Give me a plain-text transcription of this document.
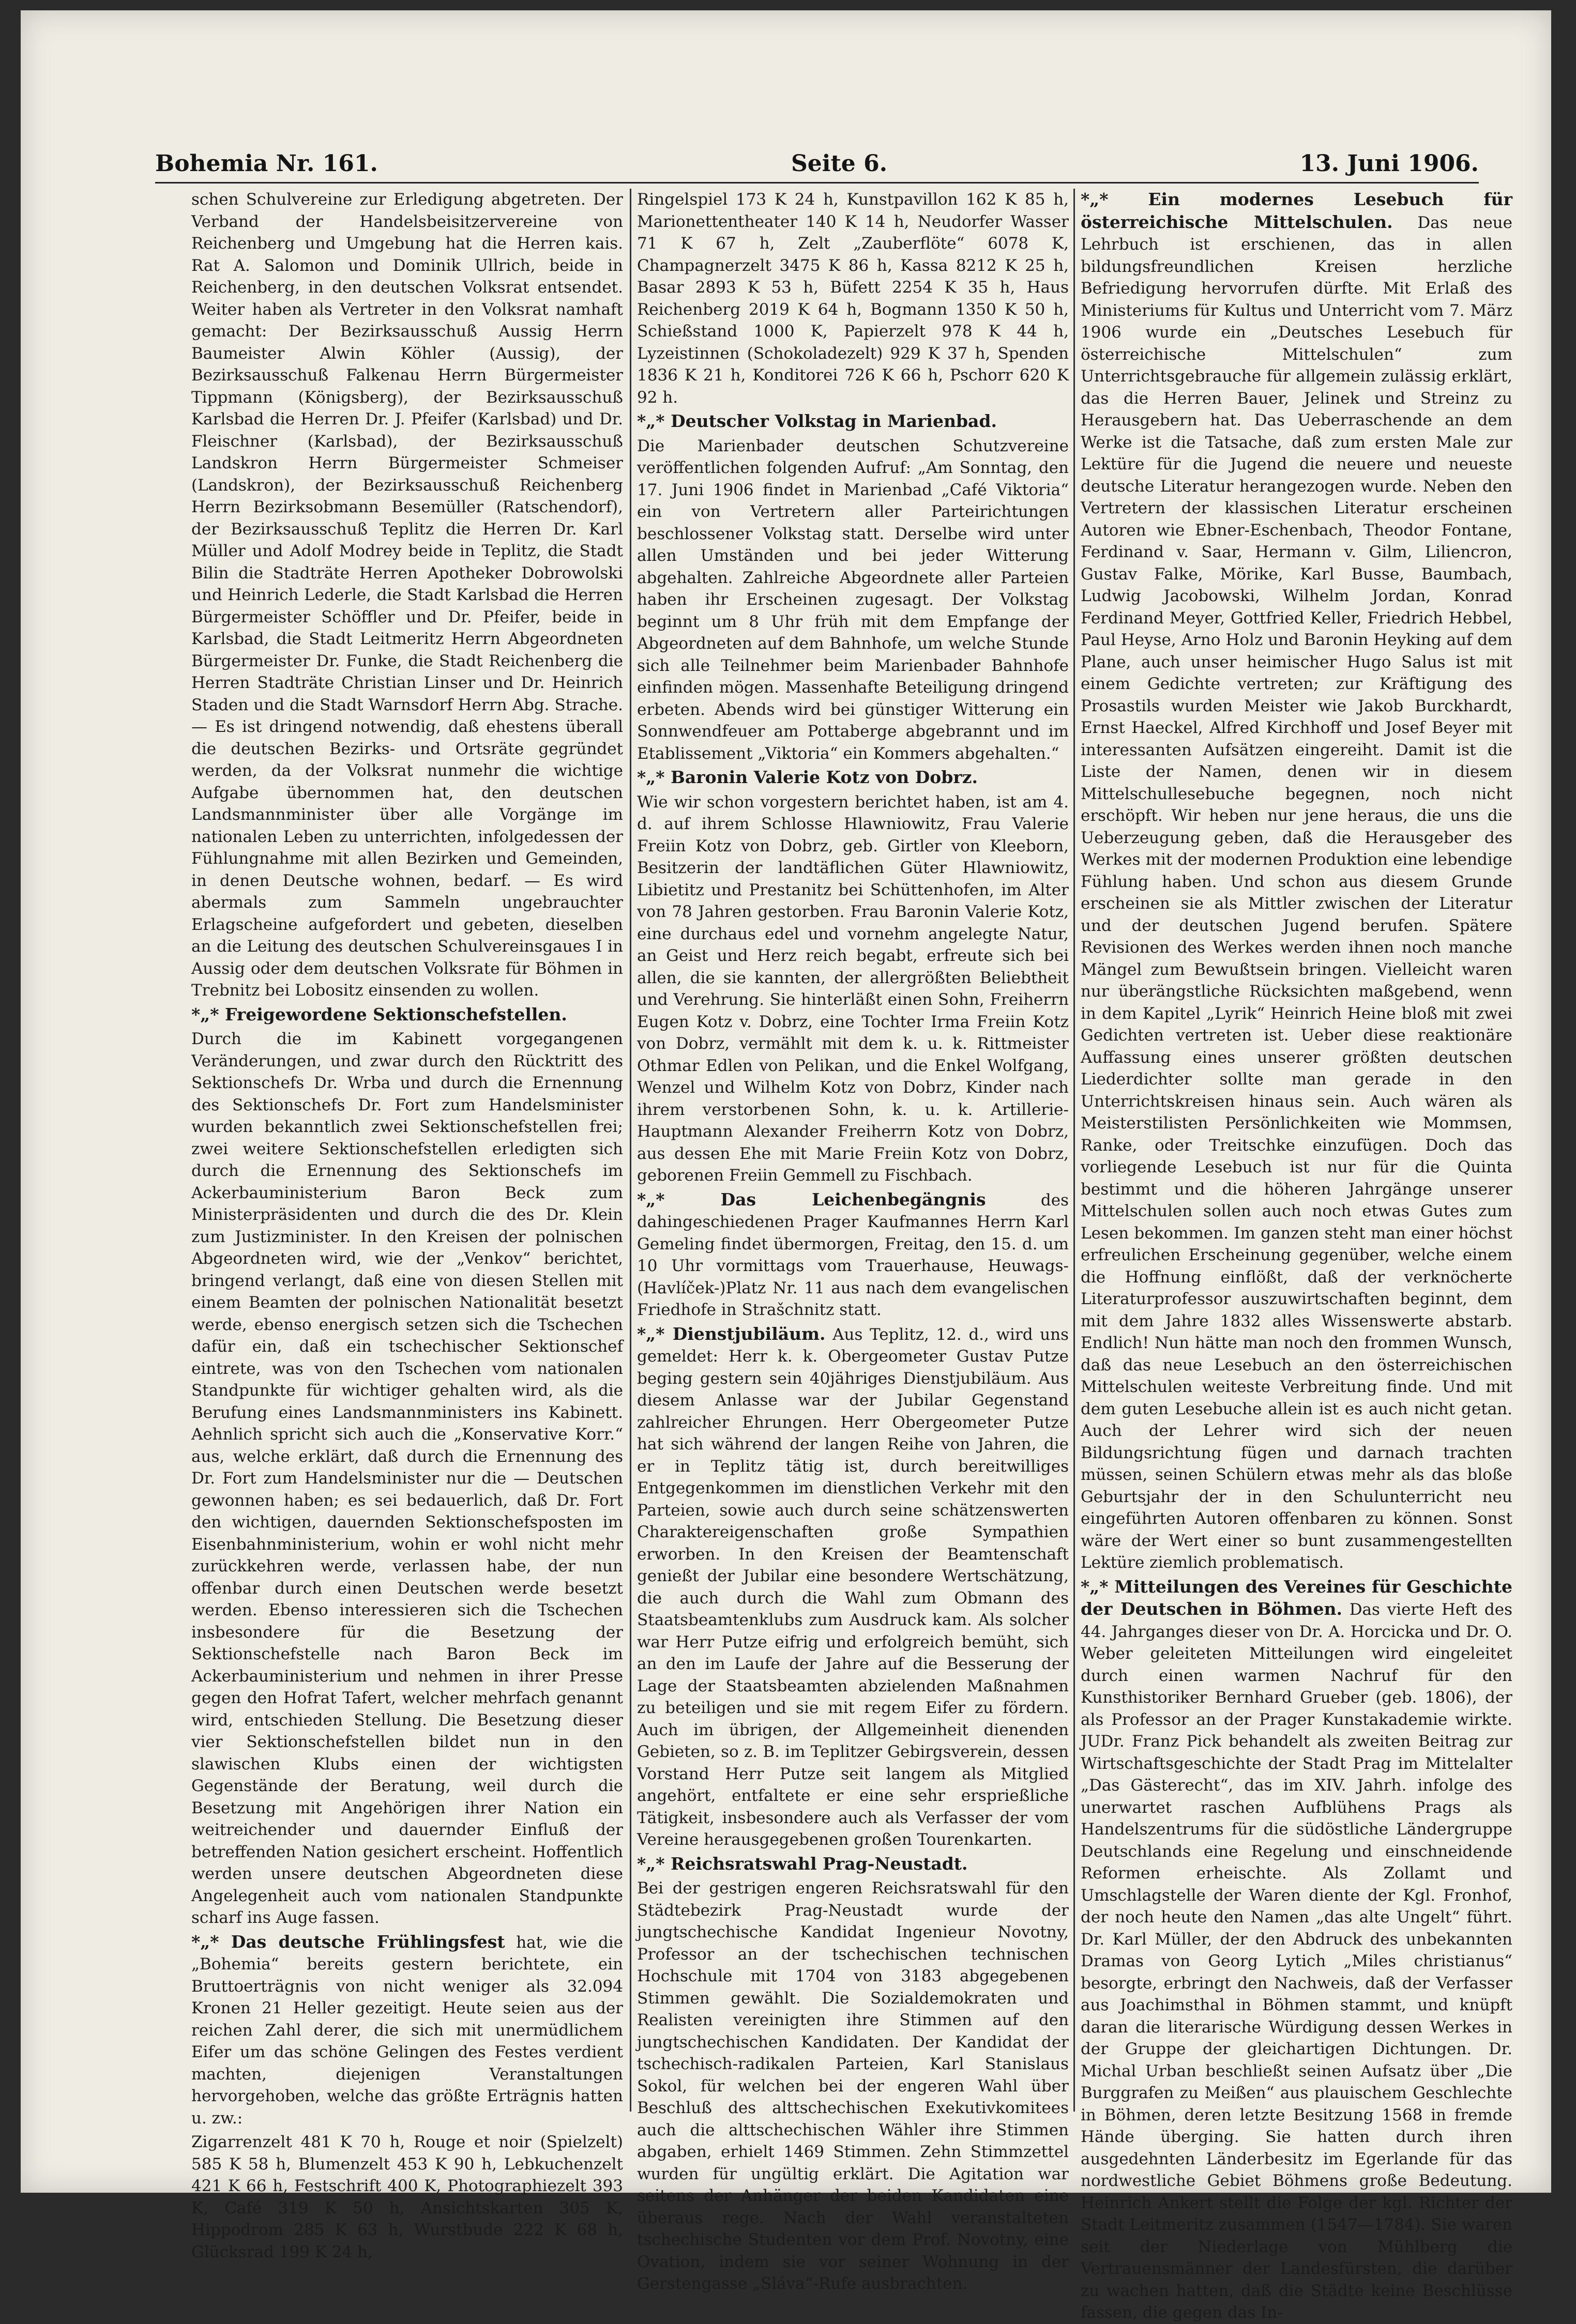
Bohemia Nr. 161.	Seite 6.	13. Juni 1906.

schen Schulvereine zur Erledigung abgetreten. Der Verband der Handelsbeisitzervereine von Reichenberg und Umgebung hat die Herren kais. Rat A. Salomon und Dominik Ullrich, beide in Reichenberg, in den deutschen Volksrat entsendet. Weiter haben als Vertreter in den Volksrat namhaft gemacht: Der Bezirksausschuß Aussig Herrn Baumeister Alwin Köhler (Aussig), der Bezirksausschuß Falkenau Herrn Bürgermeister Tippmann (Königsberg), der Bezirksausschuß Karlsbad die Herren Dr. J. Pfeifer (Karlsbad) und Dr. Fleischner (Karlsbad), der Bezirksausschuß Landskron Herrn Bürgermeister Schmeiser (Landskron), der Bezirksausschuß Reichenberg Herrn Bezirksobmann Besemüller (Ratschendorf), der Bezirksausschuß Teplitz die Herren Dr. Karl Müller und Adolf Modrey beide in Teplitz, die Stadt Bilin die Stadträte Herren Apotheker Dobrowolski und Heinrich Lederle, die Stadt Karlsbad die Herren Bürgermeister Schöffler und Dr. Pfeifer, beide in Karlsbad, die Stadt Leitmeritz Herrn Abgeordneten Bürgermeister Dr. Funke, die Stadt Reichenberg die Herren Stadträte Christian Linser und Dr. Heinrich Staden und die Stadt Warnsdorf Herrn Abg. Strache. — Es ist dringend notwendig, daß ehestens überall die deutschen Bezirks- und Ortsräte gegründet werden, da der Volksrat nunmehr die wichtige Aufgabe übernommen hat, den deutschen Landsmannminister über alle Vorgänge im nationalen Leben zu unterrichten, infolgedessen der Fühlungnahme mit allen Bezirken und Gemeinden, in denen Deutsche wohnen, bedarf. — Es wird abermals zum Sammeln ungebrauchter Erlagscheine aufgefordert und gebeten, dieselben an die Leitung des deutschen Schulvereinsgaues I in Aussig oder dem deutschen Volksrate für Böhmen in Trebnitz bei Lobositz einsenden zu wollen.

*„* Freigewordene Sektionschefstellen.

Durch die im Kabinett vorgegangenen Veränderungen, und zwar durch den Rücktritt des Sektionschefs Dr. Wrba und durch die Ernennung des Sektionschefs Dr. Fort zum Handelsminister wurden bekanntlich zwei Sektionschefstellen frei; zwei weitere Sektionschefstellen erledigten sich durch die Ernennung des Sektionschefs im Ackerbauministerium Baron Beck zum Ministerpräsidenten und durch die des Dr. Klein zum Justizminister. In den Kreisen der polnischen Abgeordneten wird, wie der „Venkov“ berichtet, bringend verlangt, daß eine von diesen Stellen mit einem Beamten der polnischen Nationalität besetzt werde, ebenso energisch setzen sich die Tschechen dafür ein, daß ein tschechischer Sektionschef eintrete, was von den Tschechen vom nationalen Standpunkte für wichtiger gehalten wird, als die Berufung eines Landsmannministers ins Kabinett. Aehnlich spricht sich auch die „Konservative Korr.“ aus, welche erklärt, daß durch die Ernennung des Dr. Fort zum Handelsminister nur die — Deutschen gewonnen haben; es sei bedauerlich, daß Dr. Fort den wichtigen, dauernden Sektionschefsposten im Eisenbahnministerium, wohin er wohl nicht mehr zurückkehren werde, verlassen habe, der nun offenbar durch einen Deutschen werde besetzt werden. Ebenso interessieren sich die Tschechen insbesondere für die Besetzung der Sektionschefstelle nach Baron Beck im Ackerbauministerium und nehmen in ihrer Presse gegen den Hofrat Tafert, welcher mehrfach genannt wird, entschieden Stellung. Die Besetzung dieser vier Sektionschefstellen bildet nun in den slawischen Klubs einen der wichtigsten Gegenstände der Beratung, weil durch die Besetzung mit Angehörigen ihrer Nation ein weitreichender und dauernder Einfluß der betreffenden Nation gesichert erscheint. Hoffentlich werden unsere deutschen Abgeordneten diese Angelegenheit auch vom nationalen Standpunkte scharf ins Auge fassen.

*„* Das deutsche Frühlingsfest hat, wie die „Bohemia“ bereits gestern berichtete, ein Bruttoerträgnis von nicht weniger als 32.094 Kronen 21 Heller gezeitigt. Heute seien aus der reichen Zahl derer, die sich mit unermüdlichem Eifer um das schöne Gelingen des Festes verdient machten, diejenigen Veranstaltungen hervorgehoben, welche das größte Erträgnis hatten u. zw.:

Zigarrenzelt 481 K 70 h, Rouge et noir (Spielzelt) 585 K 58 h, Blumenzelt 453 K 90 h, Lebkuchenzelt 421 K 66 h, Festschrift 400 K, Photographiezelt 393 K, Café 319 K 50 h, Ansichtskarten 305 K, Hippodrom 285 K 63 h, Wurstbude 222 K 68 h, Glücksrad 199 K 24 h,

Ringelspiel 173 K 24 h, Kunstpavillon 162 K 85 h, Marionettentheater 140 K 14 h, Neudorfer Wasser 71 K 67 h, Zelt „Zauberflöte“ 6078 K, Champagnerzelt 3475 K 86 h, Kassa 8212 K 25 h, Basar 2893 K 53 h, Büfett 2254 K 35 h, Haus Reichenberg 2019 K 64 h, Bogmann 1350 K 50 h, Schießstand 1000 K, Papierzelt 978 K 44 h, Lyzeistinnen (Schokoladezelt) 929 K 37 h, Spenden 1836 K 21 h, Konditorei 726 K 66 h, Pschorr 620 K 92 h.

*„* Deutscher Volkstag in Marienbad.

Die Marienbader deutschen Schutzvereine veröffentlichen folgenden Aufruf: „Am Sonntag, den 17. Juni 1906 findet in Marienbad „Café Viktoria“ ein von Vertretern aller Parteirichtungen beschlossener Volkstag statt. Derselbe wird unter allen Umständen und bei jeder Witterung abgehalten. Zahlreiche Abgeordnete aller Parteien haben ihr Erscheinen zugesagt. Der Volkstag beginnt um 8 Uhr früh mit dem Empfange der Abgeordneten auf dem Bahnhofe, um welche Stunde sich alle Teilnehmer beim Marienbader Bahnhofe einfinden mögen. Massenhafte Beteiligung dringend erbeten. Abends wird bei günstiger Witterung ein Sonnwendfeuer am Pottaberge abgebrannt und im Etablissement „Viktoria“ ein Kommers abgehalten.“

*„* Baronin Valerie Kotz von Dobrz.

Wie wir schon vorgestern berichtet haben, ist am 4. d. auf ihrem Schlosse Hlawniowitz, Frau Valerie Freiin Kotz von Dobrz, geb. Girtler von Kleeborn, Besitzerin der landtäflichen Güter Hlawniowitz, Libietitz und Prestanitz bei Schüttenhofen, im Alter von 78 Jahren gestorben. Frau Baronin Valerie Kotz, eine durchaus edel und vornehm angelegte Natur, an Geist und Herz reich begabt, erfreute sich bei allen, die sie kannten, der allergrößten Beliebtheit und Verehrung. Sie hinterläßt einen Sohn, Freiherrn Eugen Kotz v. Dobrz, eine Tochter Irma Freiin Kotz von Dobrz, vermählt mit dem k. u. k. Rittmeister Othmar Edlen von Pelikan, und die Enkel Wolfgang, Wenzel und Wilhelm Kotz von Dobrz, Kinder nach ihrem verstorbenen Sohn, k. u. k. Artillerie-Hauptmann Alexander Freiherrn Kotz von Dobrz, aus dessen Ehe mit Marie Freiin Kotz von Dobrz, geborenen Freiin Gemmell zu Fischbach.

*„* Das Leichenbegängnis	des dahingeschiedenen Prager Kaufmannes Herrn Karl Gemeling findet übermorgen, Freitag, den 15. d. um 10 Uhr vormittags vom Trauerhause, Heuwags-(Havlíček-)Platz Nr. 11 aus nach dem evangelischen Friedhofe in Strašchnitz statt.

*„* Dienstjubiläum. Aus Teplitz, 12. d., wird uns gemeldet: Herr k. k. Obergeometer Gustav Putze beging gestern sein 40jähriges Dienstjubiläum. Aus diesem Anlasse war der Jubilar Gegenstand zahlreicher Ehrungen. Herr Obergeometer Putze hat sich während der langen Reihe von Jahren, die er in Teplitz tätig ist, durch bereitwilliges Entgegenkommen im dienstlichen Verkehr mit den Parteien, sowie auch durch seine schätzenswerten Charaktereigenschaften große Sympathien erworben. In den Kreisen der Beamtenschaft genießt der Jubilar eine besondere Wertschätzung, die auch durch die Wahl zum Obmann des Staatsbeamtenklubs zum Ausdruck kam. Als solcher war Herr Putze eifrig und erfolgreich bemüht, sich an den im Laufe der Jahre auf die Besserung der Lage der Staatsbeamten abzielenden Maßnahmen zu beteiligen und sie mit regem Eifer zu fördern. Auch im übrigen, der Allgemeinheit dienenden Gebieten, so z. B. im Teplitzer Gebirgsverein, dessen Vorstand Herr Putze seit langem als Mitglied angehört, entfaltete er eine sehr ersprießliche Tätigkeit, insbesondere auch als Verfasser der vom Vereine herausgegebenen großen Tourenkarten.

*„* Reichsratswahl Prag-Neustadt.

Bei der gestrigen engeren Reichsratswahl für den Städtebezirk Prag-Neustadt wurde der jungtschechische Kandidat Ingenieur Novotny, Professor an der tschechischen technischen Hochschule mit 1704 von 3183 abgegebenen Stimmen gewählt. Die Sozialdemokraten und Realisten vereinigten ihre Stimmen auf den jungtschechischen Kandidaten. Der Kandidat der tschechisch-radikalen Parteien, Karl Stanislaus Sokol, für welchen bei der engeren Wahl über Beschluß des alttschechischen Exekutivkomitees auch die alttschechischen Wähler ihre Stimmen abgaben, erhielt 1469 Stimmen. Zehn Stimmzettel wurden für ungültig erklärt. Die Agitation war seitens der Anhänger der beiden Kandidaten eine überaus rege. Nach der Wahl veranstalteten tschechische Studenten vor dem Prof. Novotny, eine Ovation, indem sie vor seiner Wohnung in der Gerstengasse „Sláva“-Rufe ausbrachten.

*„* Ein modernes Lesebuch für österreichische Mittelschulen. Das neue Lehrbuch ist erschienen, das in allen bildungsfreundlichen Kreisen herzliche Befriedigung hervorrufen dürfte. Mit Erlaß des Ministeriums für Kultus und Unterricht vom 7. März 1906 wurde ein „Deutsches Lesebuch für österreichische Mittelschulen“ zum Unterrichtsgebrauche für allgemein zulässig erklärt, das die Herren Bauer, Jelinek und Streinz zu Herausgebern hat. Das Ueberraschende an dem Werke ist die Tatsache, daß zum ersten Male zur Lektüre für die Jugend die neuere und neueste deutsche Literatur herangezogen wurde. Neben den Vertretern der klassischen Literatur erscheinen Autoren wie Ebner-Eschenbach, Theodor Fontane, Ferdinand v. Saar, Hermann v. Gilm, Liliencron, Gustav Falke, Mörike, Karl Busse, Baumbach, Ludwig Jacobowski, Wilhelm Jordan, Konrad Ferdinand Meyer, Gottfried Keller, Friedrich Hebbel, Paul Heyse, Arno Holz und Baronin Heyking auf dem Plane, auch unser heimischer Hugo Salus ist mit einem Gedichte vertreten; zur Kräftigung des Prosastils wurden Meister wie Jakob Burckhardt, Ernst Haeckel, Alfred Kirchhoff und Josef Beyer mit interessanten Aufsätzen eingereiht. Damit ist die Liste der Namen, denen wir in diesem Mittelschullesebuche begegnen, noch nicht erschöpft. Wir heben nur jene heraus, die uns die Ueberzeugung geben, daß die Herausgeber des Werkes mit der modernen Produktion eine lebendige Fühlung haben. Und schon aus diesem Grunde erscheinen sie als Mittler zwischen der Literatur und der deutschen Jugend berufen. Spätere Revisionen des Werkes werden ihnen noch manche Mängel zum Bewußtsein bringen. Vielleicht waren nur überängstliche Rücksichten maßgebend, wenn in dem Kapitel „Lyrik“ Heinrich Heine bloß mit zwei Gedichten vertreten ist. Ueber diese reaktionäre Auffassung eines unserer größten deutschen Liederdichter sollte man gerade in den Unterrichtskreisen hinaus sein. Auch wären als Meisterstilisten Persönlichkeiten wie Mommsen, Ranke, oder Treitschke einzufügen. Doch das vorliegende Lesebuch ist nur für die Quinta bestimmt und die höheren Jahrgänge unserer Mittelschulen sollen auch noch etwas Gutes zum Lesen bekommen. Im ganzen steht man einer höchst erfreulichen Erscheinung gegenüber, welche einem die Hoffnung einflößt, daß der verknöcherte Literaturprofessor auszuwirtschaften beginnt, dem mit dem Jahre 1832 alles Wissenswerte abstarb. Endlich! Nun hätte man noch den frommen Wunsch, daß das neue Lesebuch an den österreichischen Mittelschulen weiteste Verbreitung finde. Und mit dem guten Lesebuche allein ist es auch nicht getan. Auch der Lehrer wird sich der neuen Bildungsrichtung fügen und darnach trachten müssen, seinen Schülern etwas mehr als das bloße Geburtsjahr der in den Schulunterricht neu eingeführten Autoren offenbaren zu können. Sonst wäre der Wert einer so bunt zusammengestellten Lektüre ziemlich problematisch.

*„* Mitteilungen des Vereines für Geschichte der Deutschen in Böhmen. Das vierte Heft des 44. Jahrganges dieser von Dr. A. Horcicka und Dr. O. Weber geleiteten Mitteilungen wird eingeleitet durch einen warmen Nachruf für den Kunsthistoriker Bernhard Grueber (geb. 1806), der als Professor an der Prager Kunstakademie wirkte. JUDr. Franz Pick behandelt als zweiten Beitrag zur Wirtschaftsgeschichte der Stadt Prag im Mittelalter „Das Gästerecht“, das im XIV. Jahrh. infolge des unerwartet raschen Aufblühens Prags als Handelszentrums für die südöstliche Ländergruppe Deutschlands eine Regelung und einschneidende Reformen erheischte. Als Zollamt und Umschlagstelle der Waren diente der Kgl. Fronhof, der noch heute den Namen „das alte Ungelt“ führt. Dr. Karl Müller, der den Abdruck des unbekannten Dramas von Georg Lytich „Miles christianus“ besorgte, erbringt den Nachweis, daß der Verfasser aus Joachimsthal in Böhmen stammt, und knüpft daran die literarische Würdigung dessen Werkes in der Gruppe der gleichartigen Dichtungen. Dr. Michal Urban beschließt seinen Aufsatz über „Die Burggrafen zu Meißen“ aus plauischem Geschlechte in Böhmen, deren letzte Besitzung 1568 in fremde Hände überging. Sie hatten durch ihren ausgedehnten Länderbesitz im Egerlande für das nordwestliche Gebiet Böhmens große Bedeutung. Heinrich Ankert stellt die Folge der kgl. Richter der Stadt Leitmeritz zusammen (1547—1784). Sie waren seit der Niederlage von Mühlberg die Vertrauensmänner der Landesfürsten, die darüber zu wachen hatten, daß die Städte keine Beschlüsse fassen, die gegen das In-
